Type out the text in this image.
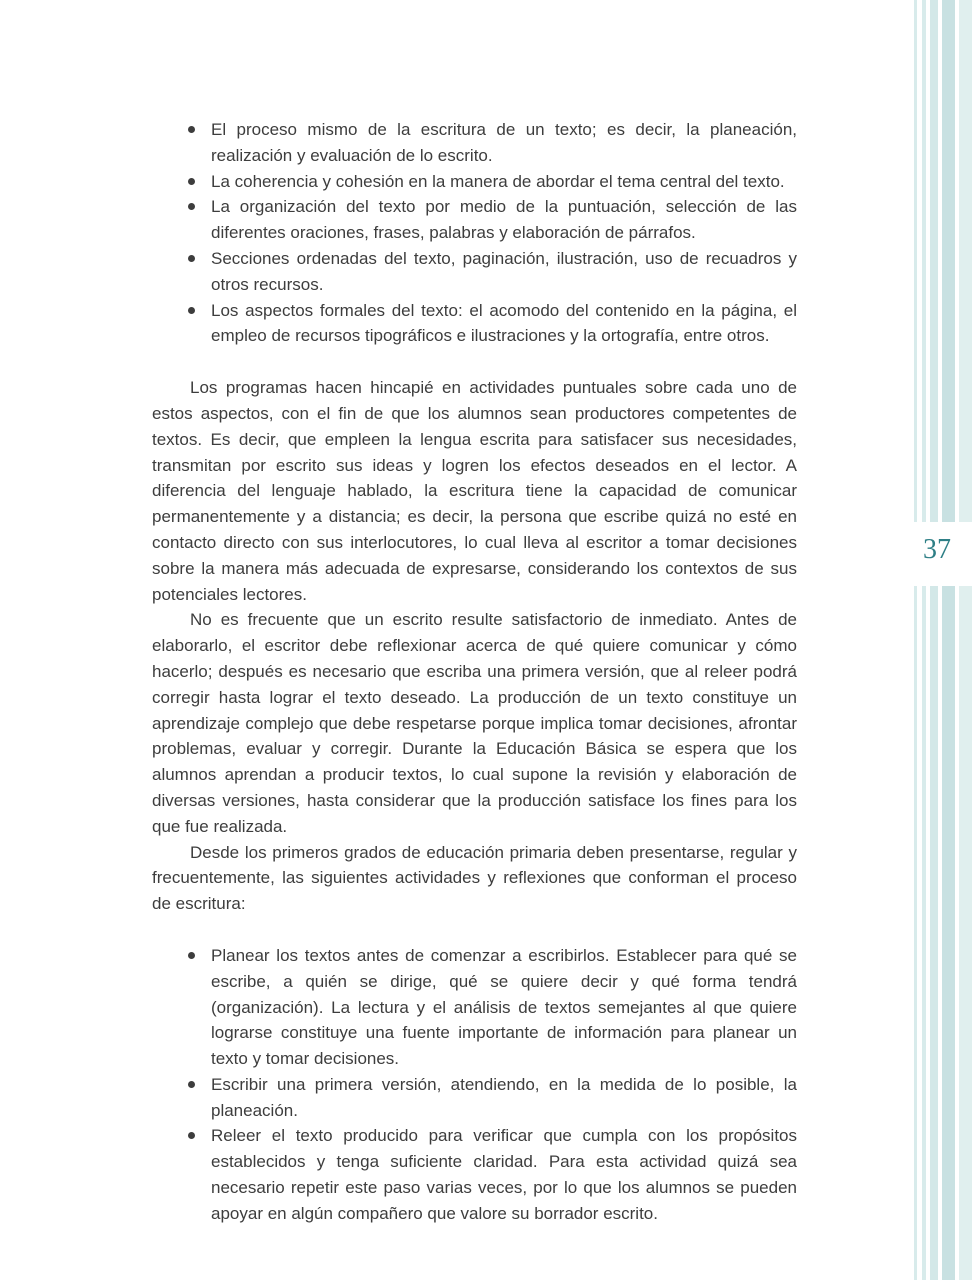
37
El proceso mismo de la escritura de un texto; es decir, la planeación, realización y evaluación de lo escrito.
La coherencia y cohesión en la manera de abordar el tema central del texto.
La organización del texto por medio de la puntuación, selección de las diferentes oraciones, frases, palabras y elaboración de párrafos.
Secciones ordenadas del texto, paginación, ilustración, uso de recuadros y otros recursos.
Los aspectos formales del texto: el acomodo del contenido en la página, el empleo de recursos tipográficos e ilustraciones y la ortografía, entre otros.

Los programas hacen hincapié en actividades puntuales sobre cada uno de estos aspectos, con el fin de que los alumnos sean productores competentes de textos. Es decir, que empleen la lengua escrita para satisfacer sus necesidades, transmitan por escrito sus ideas y logren los efectos deseados en el lector. A diferencia del lenguaje hablado, la escritura tiene la capacidad de comunicar permanentemente y a distancia; es decir, la persona que escribe quizá no esté en contacto directo con sus interlocutores, lo cual lleva al escritor a tomar decisiones sobre la manera más adecuada de expresarse, considerando los contextos de sus potenciales lectores.

No es frecuente que un escrito resulte satisfactorio de inmediato. Antes de elaborarlo, el escritor debe reflexionar acerca de qué quiere comunicar y cómo hacerlo; después es necesario que escriba una primera versión, que al releer podrá corregir hasta lograr el texto deseado. La producción de un texto constituye un aprendizaje complejo que debe respetarse porque implica tomar decisiones, afrontar problemas, evaluar y corregir. Durante la Educación Básica se espera que los alumnos aprendan a producir textos, lo cual supone la revisión y elaboración de diversas versiones, hasta considerar que la producción satisface los fines para los que fue realizada.

Desde los primeros grados de educación primaria deben presentarse, regular y frecuentemente, las siguientes actividades y reflexiones que conforman el proceso de escritura:

Planear los textos antes de comenzar a escribirlos. Establecer para qué se escribe, a quién se dirige, qué se quiere decir y qué forma tendrá (organización). La lectura y el análisis de textos semejantes al que quiere lograrse constituye una fuente importante de información para planear un texto y tomar decisiones.
Escribir una primera versión, atendiendo, en la medida de lo posible, la planeación.
Releer el texto producido para verificar que cumpla con los propósitos establecidos y tenga suficiente claridad. Para esta actividad quizá sea necesario repetir este paso varias veces, por lo que los alumnos se pueden apoyar en algún compañero que valore su borrador escrito.
